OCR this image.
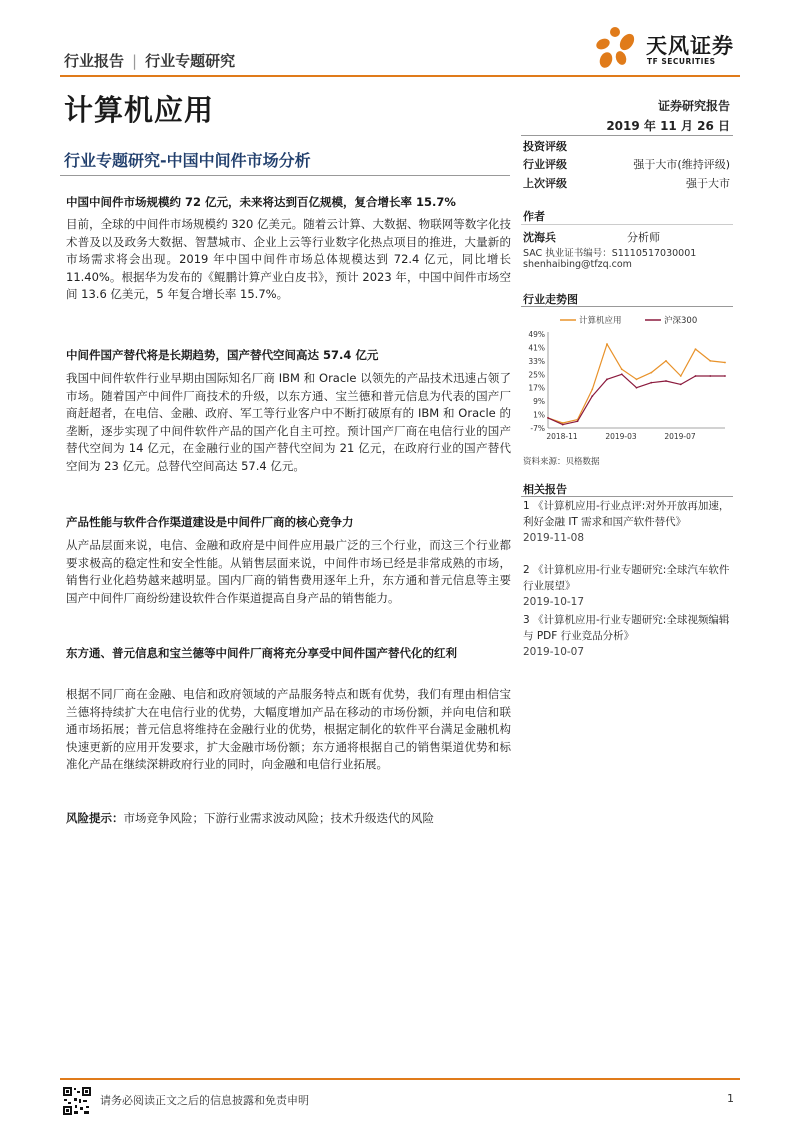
行业报告 | 行业专题研究
天风证券
TF SECURITIES
计算机应用	证券研究报告
2019 年 11 月 26 日
行业专题研究-中国中间件市场分析
中国中间件市场规模约 72 亿元，未来将达到百亿规模，复合增长率 15.7%
目前，全球的中间件市场规模约 320 亿美元。随着云计算、大数据、物联网等数字化技术普及以及政务大数据、智慧城市、企业上云等行业数字化热点项目的推进，大量新的市场需求将会出现。2019 年中国中间件市场总体规模达到 72.4 亿元，同比增长 11.40%。根据华为发布的《鲲鹏计算产业白皮书》，预计 2023 年，中国中间件市场空间 13.6 亿美元，5 年复合增长率 15.7%。
中间件国产替代将是长期趋势，国产替代空间高达 57.4 亿元
我国中间件软件行业早期由国际知名厂商 IBM 和 Oracle 以领先的产品技术迅速占领了市场。随着国产中间件厂商技术的升级，以东方通、宝兰德和普元信息为代表的国产厂商赶超者，在电信、金融、政府、军工等行业客户中不断打破原有的 IBM 和 Oracle 的垄断，逐步实现了中间件软件产品的国产化自主可控。预计国产厂商在电信行业的国产替代空间为 14 亿元，在金融行业的国产替代空间为 21 亿元，在政府行业的国产替代空间为 23 亿元。总替代空间高达 57.4 亿元。
产品性能与软件合作渠道建设是中间件厂商的核心竞争力
从产品层面来说，电信、金融和政府是中间件应用最广泛的三个行业，而这三个行业都要求极高的稳定性和安全性能。从销售层面来说，中间件市场已经是非常成熟的市场，销售行业化趋势越来越明显。国内厂商的销售费用逐年上升，东方通和普元信息等主要国产中间件厂商纷纷建设软件合作渠道提高自身产品的销售能力。
东方通、普元信息和宝兰德等中间件厂商将充分享受中间件国产替代化的红利
根据不同厂商在金融、电信和政府领域的产品服务特点和既有优势，我们有理由相信宝兰德将持续扩大在电信行业的优势，大幅度增加产品在移动的市场份额，并向电信和联通市场拓展；普元信息将维持在金融行业的优势，根据定制化的软件平台满足金融机构快速更新的应用开发要求，扩大金融市场份额；东方通将根据自己的销售渠道优势和标准化产品在继续深耕政府行业的同时，向金融和电信行业拓展。
风险提示：市场竞争风险；下游行业需求波动风险；技术升级迭代的风险
投资评级
行业评级	强于大市(维持评级)
上次评级	强于大市
作者
沈海兵	分析师
SAC 执业证书编号：S1110517030001
shenhaibing@tfzq.com
行业走势图
计算机应用	沪深300
49%
41%
33%
25%
17%
9%
1%
-7%
2018-11	2019-03	2019-07
资料来源：贝格数据
相关报告
1 《计算机应用-行业点评:对外开放再加速，利好金融 IT 需求和国产软件替代》
2019-11-08
2 《计算机应用-行业专题研究:全球汽车软件行业展望》
2019-10-17
3 《计算机应用-行业专题研究:全球视频编辑与 PDF 行业竞品分析》
2019-10-07
请务必阅读正文之后的信息披露和免责申明	1
